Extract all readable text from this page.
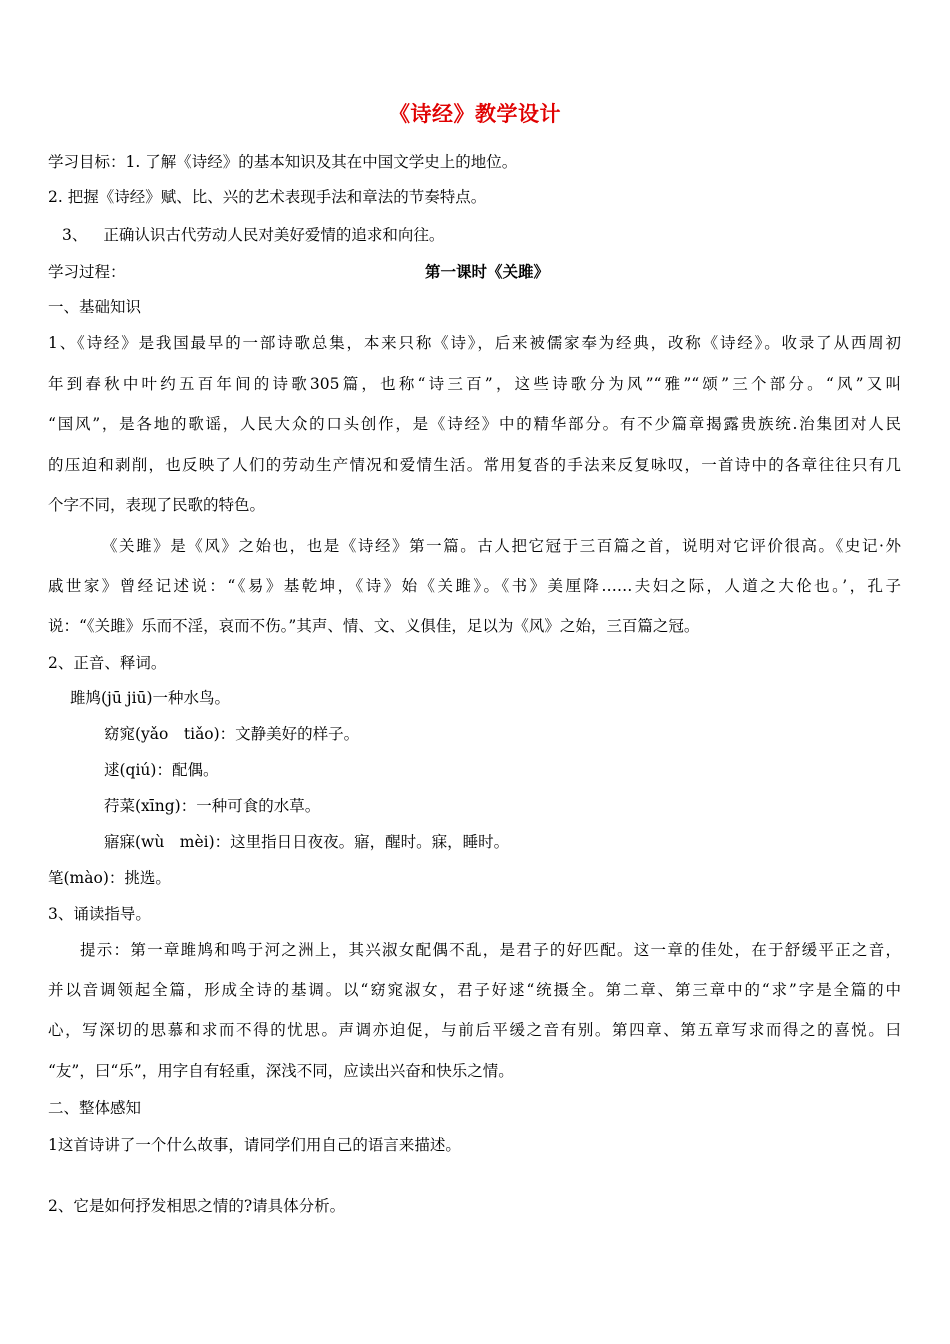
《诗经》教学设计
学习目标：1. 了解《诗经》的基本知识及其在中国文学史上的地位。
2. 把握《诗经》赋、比、兴的艺术表现手法和章法的节奏特点。
3、 正确认识古代劳动人民对美好爱情的追求和向往。
学习过程：	第一课时《关雎》
一、基础知识
1、《诗经》是我国最早的一部诗歌总集，本来只称《诗》，后来被儒家奉为经典，改称《诗经》。收录了从西周初
年到春秋中叶约五百年间的诗歌305篇，也称“诗三百”，这些诗歌分为风”“雅”“颂”三个部分。“风”又叫
“国风”，是各地的歌谣，人民大众的口头创作，是《诗经》中的精华部分。有不少篇章揭露贵族统.治集团对人民
的压迫和剥削，也反映了人们的劳动生产情况和爱情生活。常用复沓的手法来反复咏叹，一首诗中的各章往往只有几
个字不同，表现了民歌的特色。
《关雎》是《风》之始也，也是《诗经》第一篇。古人把它冠于三百篇之首，说明对它评价很高。《史记·外
戚世家》曾经记述说：“《易》基乾坤，《诗》始《关雎》。《书》美厘降……夫妇之际，人道之大伦也。’，孔子
说：“《关雎》乐而不淫，哀而不伤。”其声、情、文、义俱佳，足以为《风》之始，三百篇之冠。
2、正音、释词。
雎鸠(jū jiū)一种水鸟。
窈窕(yǎo　tiǎo)：文静美好的样子。
逑(qiú)：配偶。
荇菜(xīng)：一种可食的水草。
寤寐(wù　mèi)：这里指日日夜夜。寤，醒时。寐，睡时。
笔(mào)：挑选。
3、诵读指导。
提示：第一章雎鸠和鸣于河之洲上，其兴淑女配偶不乱，是君子的好匹配。这一章的佳处，在于舒缓平正之音，
并以音调领起全篇，形成全诗的基调。以“窈窕淑女，君子好逑“统摄全。第二章、第三章中的“求”字是全篇的中
心，写深切的思慕和求而不得的忧思。声调亦迫促，与前后平缓之音有别。第四章、第五章写求而得之的喜悦。曰
“友”，曰“乐”，用字自有轻重，深浅不同，应读出兴奋和快乐之情。
二、整体感知
1这首诗讲了一个什么故事，请同学们用自己的语言来描述。
2、它是如何抒发相思之情的?请具体分析。
